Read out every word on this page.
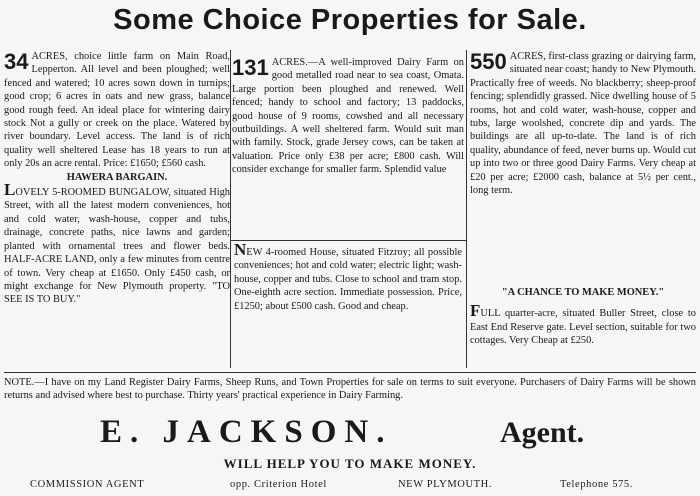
Some Choice Properties for Sale.

34 ACRES, choice little farm on Main Road, Lepperton. All level and been ploughed; well fenced and watered; 10 acres sown down in turnips; good crop; 6 acres in oats and new grass, balance good rough feed. An ideal place for wintering dairy stock Not a gully or creek on the place. Watered by river boundary. Level access. The land is of rich quality well sheltered Lease has 18 years to run at only 20s an acre rental. Price: £1650; £560 cash.

HAWERA BARGAIN.

LOVELY 5-ROOMED BUNGALOW, situated High Street, with all the latest modern conveniences, hot and cold water, wash-house, copper and tubs, drainage, concrete paths, nice lawns and garden; planted with ornamental trees and flower beds. HALF-ACRE LAND, only a few minutes from centre of town. Very cheap at £1650. Only £450 cash, or might exchange for New Plymouth property. "TO SEE IS TO BUY."

131 ACRES.—A well-improved Dairy Farm on good metalled road near to sea coast, Omata. Large portion been ploughed and renewed. Well fenced; handy to school and factory; 13 paddocks, good house of 9 rooms, cowshed and all necessary outbuildings. A well sheltered farm. Would suit man with family. Stock, grade Jersey cows, can be taken at valuation. Price only £38 per acre; £800 cash. Will consider exchange for smaller farm. Splendid value

NEW 4-roomed House, situated Fitzroy; all possible conveniences; hot and cold water; electric light; wash-house, copper and tubs. Close to school and tram stop. One-eighth acre section. Immediate possession. Price, £1250; about £500 cash. Good and cheap.

550 ACRES, first-class grazing or dairying farm, situated near coast; handy to New Plymouth. Practically free of weeds. No blackberry; sheep-proof fencing; splendidly grassed. Nice dwelling house of 5 rooms, hot and cold water, wash-house, copper and tubs, large woolshed, concrete dip and yards. The buildings are all up-to-date. The land is of rich quality, abundance of feed, never burns up. Would cut up into two or three good Dairy Farms. Very cheap at £20 per acre; £2000 cash, balance at 5½ per cent., long term.

"A CHANCE TO MAKE MONEY."

FULL quarter-acre, situated Buller Street, close to East End Reserve gate. Level section, suitable for two cottages. Very Cheap at £250.

NOTE.—I have on my Land Register Dairy Farms, Sheep Runs, and Town Properties for sale on terms to suit everyone. Purchasers of Dairy Farms will be shown returns and advised where best to purchase. Thirty years' practical experience in Dairy Farming.
E. JACKSON.	Agent.
WILL HELP YOU TO MAKE MONEY.
COMMISSION AGENT	opp. Criterion Hotel	NEW PLYMOUTH.	Telephone 575.
